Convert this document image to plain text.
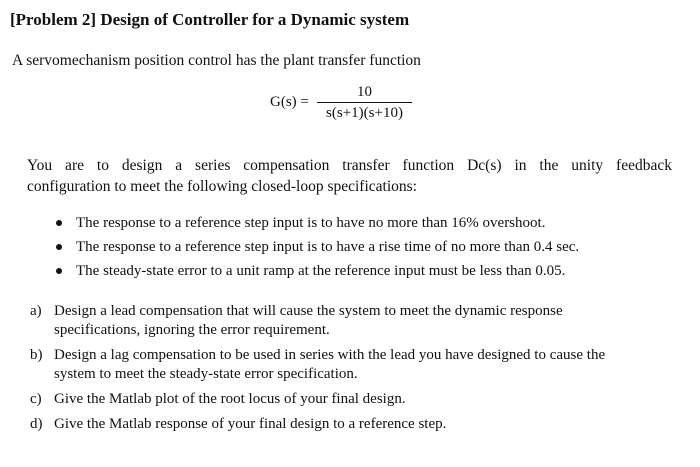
[Problem 2] Design of Controller for a Dynamic system
A servomechanism position control has the plant transfer function
G(s) =
10
s(s+1)(s+10)
You are to design a series compensation transfer function Dc(s) in the unity feedback
configuration to meet the following closed-loop specifications:
The response to a reference step input is to have no more than 16% overshoot.
The response to a reference step input is to have a rise time of no more than 0.4 sec.
The steady-state error to a unit ramp at the reference input must be less than 0.05.
a) Design a lead compensation that will cause the system to meet the dynamic response
specifications, ignoring the error requirement.
b) Design a lag compensation to be used in series with the lead you have designed to cause the
system to meet the steady-state error specification.
c) Give the Matlab plot of the root locus of your final design.
d) Give the Matlab response of your final design to a reference step.
